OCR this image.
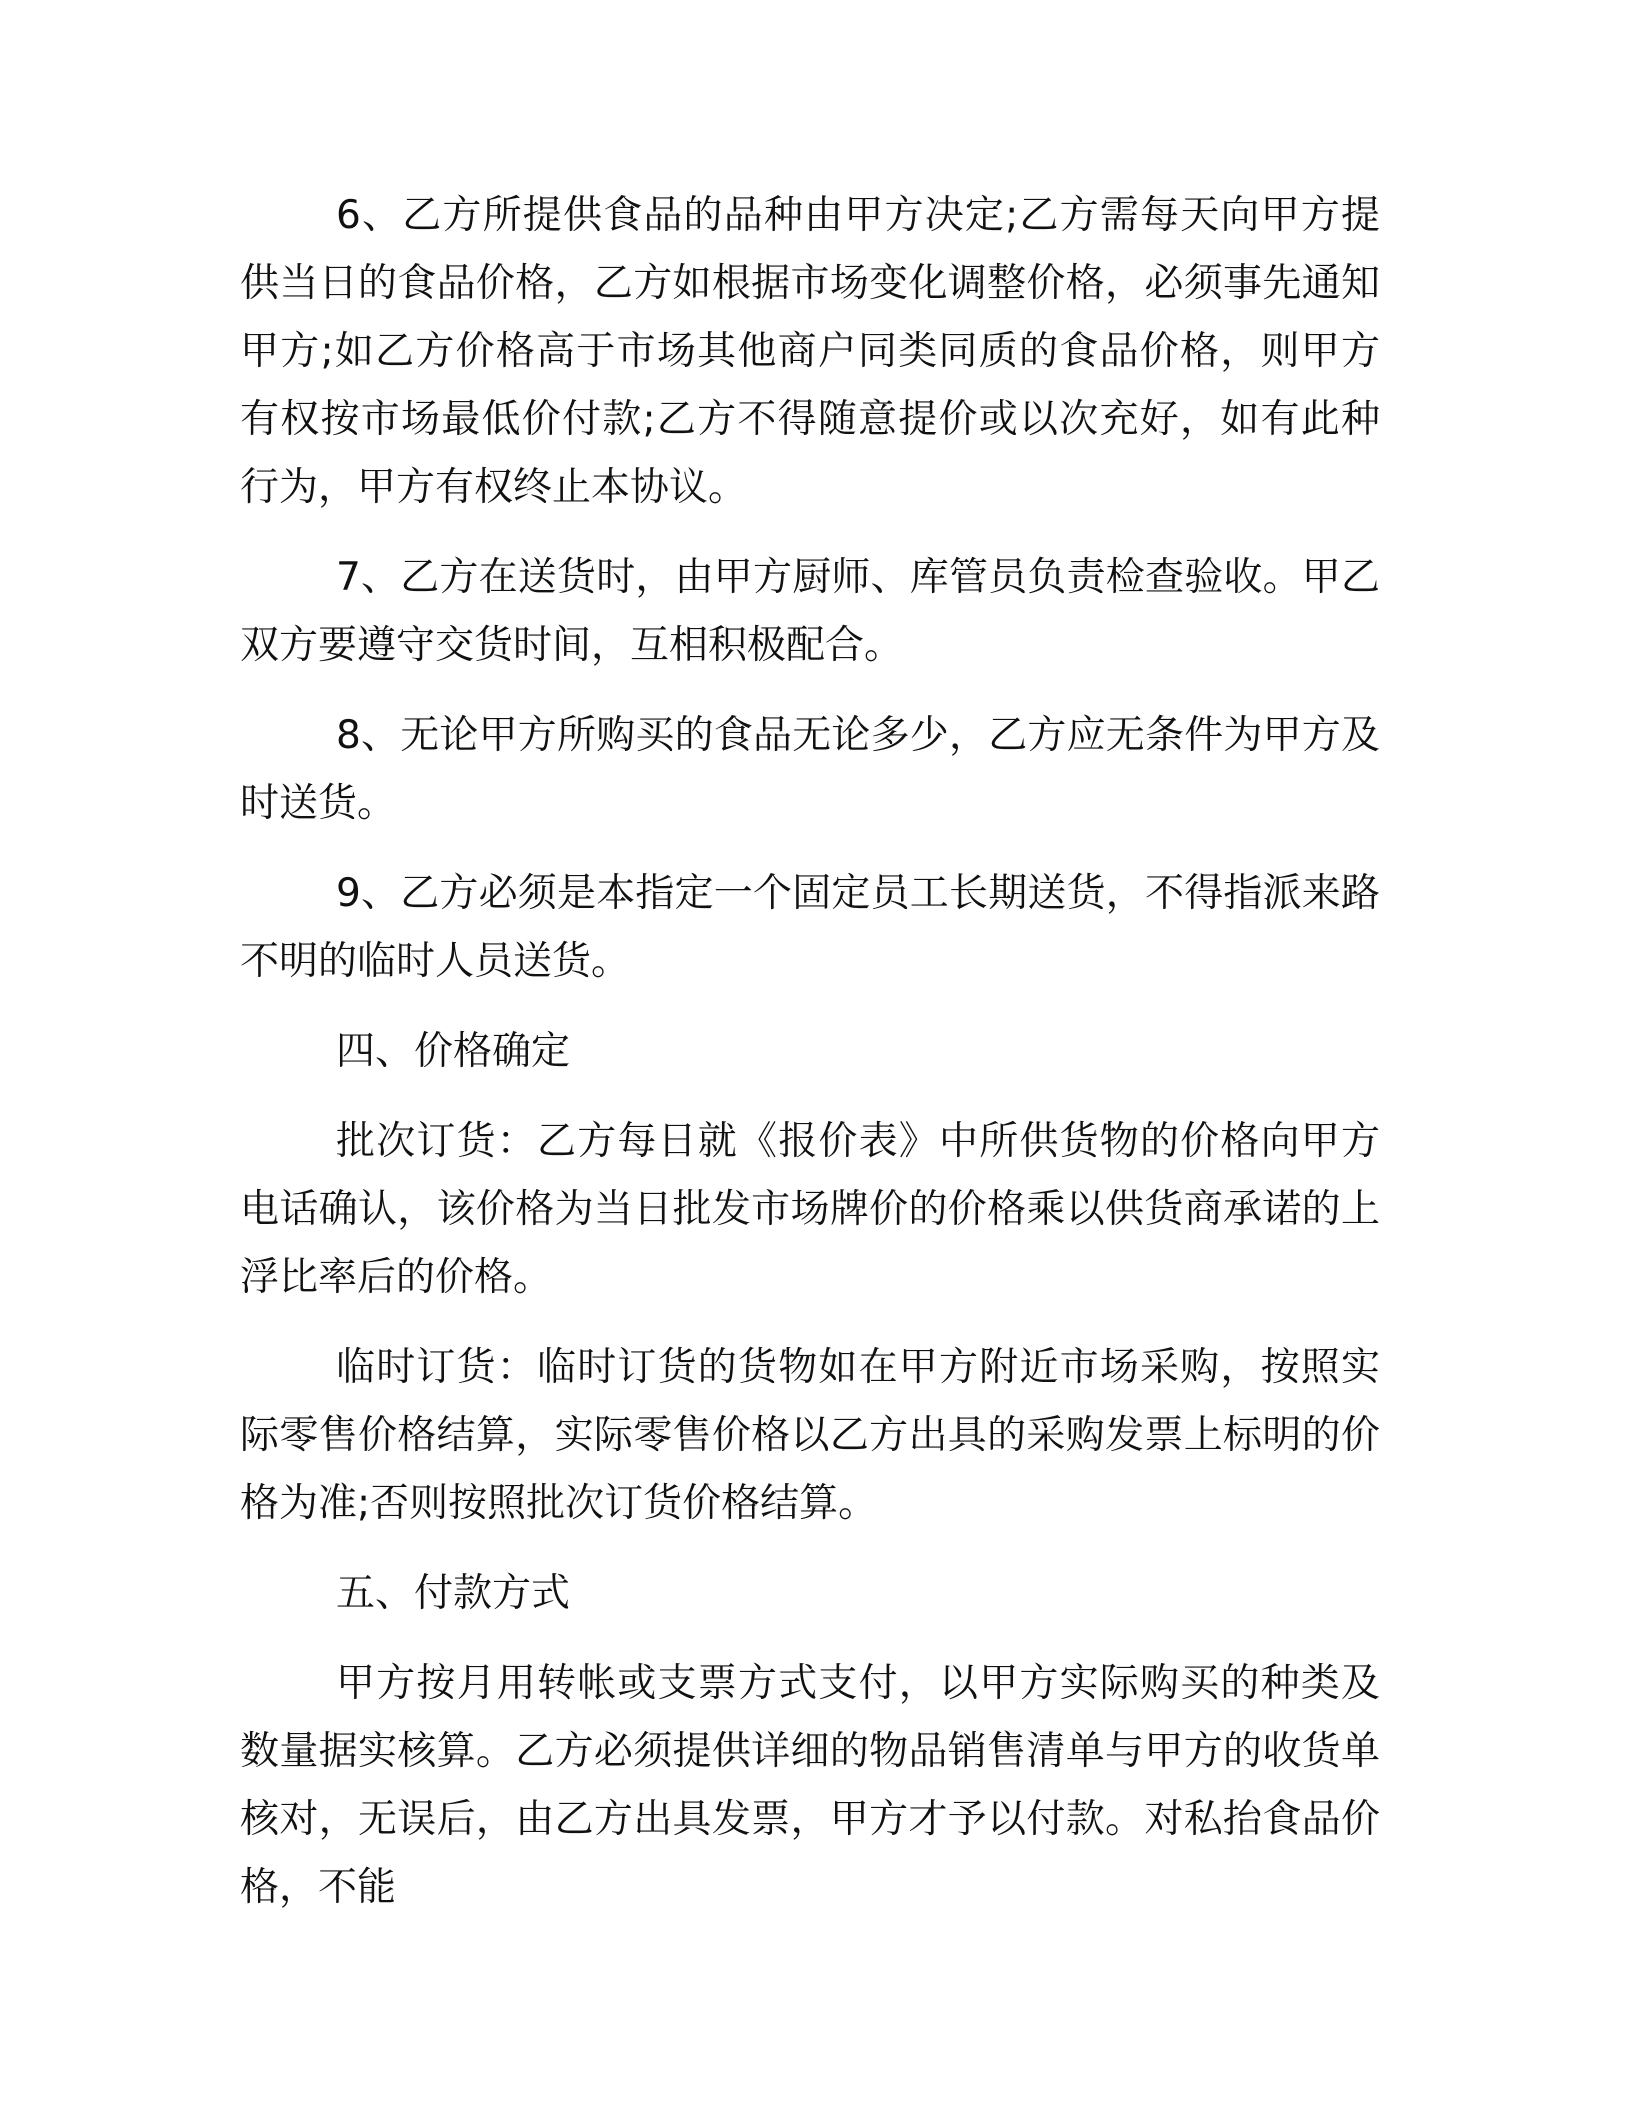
6、乙方所提供食品的品种由甲方决定;乙方需每天向甲方提供当日的食品价格，乙方如根据市场变化调整价格，必须事先通知甲方;如乙方价格高于市场其他商户同类同质的食品价格，则甲方有权按市场最低价付款;乙方不得随意提价或以次充好，如有此种行为，甲方有权终止本协议。

7、乙方在送货时，由甲方厨师、库管员负责检查验收。甲乙双方要遵守交货时间，互相积极配合。

8、无论甲方所购买的食品无论多少，乙方应无条件为甲方及时送货。

9、乙方必须是本指定一个固定员工长期送货，不得指派来路不明的临时人员送货。

四、价格确定

批次订货：乙方每日就《报价表》中所供货物的价格向甲方电话确认，该价格为当日批发市场牌价的价格乘以供货商承诺的上浮比率后的价格。

临时订货：临时订货的货物如在甲方附近市场采购，按照实际零售价格结算，实际零售价格以乙方出具的采购发票上标明的价格为准;否则按照批次订货价格结算。

五、付款方式

甲方按月用转帐或支票方式支付，以甲方实际购买的种类及数量据实核算。乙方必须提供详细的物品销售清单与甲方的收货单核对，无误后，由乙方出具发票，甲方才予以付款。对私抬食品价格，不能
